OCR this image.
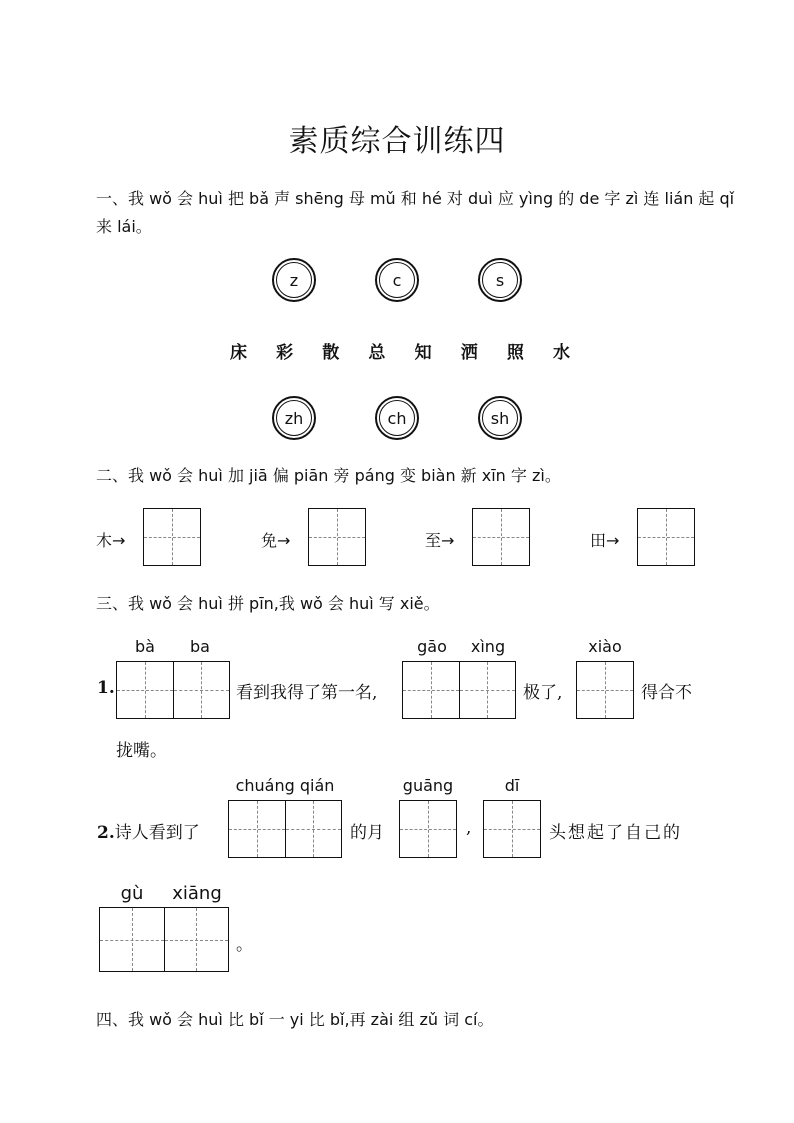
素质综合训练四
一、我 wǒ 会 huì 把 bǎ 声 shēng 母 mǔ 和 hé 对 duì 应 yìng 的 de 字 zì 连 lián 起 qǐ
来 lái。
z	c	s
床 彩 散 总 知 洒 照 水
zh	ch	sh
二、我 wǒ 会 huì 加 jiā 偏 piān 旁 páng 变 biàn 新 xīn 字 zì。
木→	免→	至→	田→
三、我 wǒ 会 huì 拼 pīn,我 wǒ 会 huì 写 xiě。
bà	ba
1.	看到我得了第一名,
gāo	xìng
极了,
xiào
得合不
拢嘴。
2.诗人看到了
chuáng qián
的月
guāng
,
dī
头想起了自己的
gù	xiāng
。
四、我 wǒ 会 huì 比 bǐ 一 yi 比 bǐ,再 zài 组 zǔ 词 cí。
